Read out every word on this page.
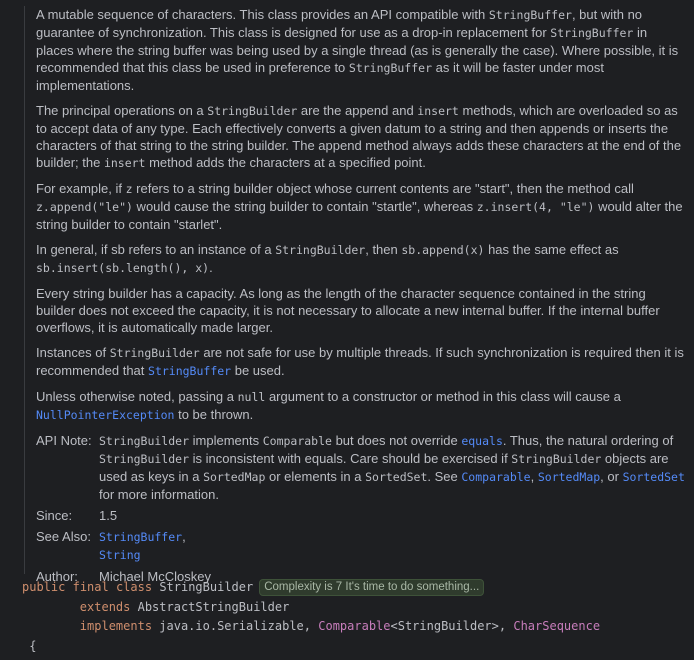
A mutable sequence of characters. This class provides an API compatible with StringBuffer, but with no guarantee of synchronization. This class is designed for use as a drop-in replacement for StringBuffer in places where the string buffer was being used by a single thread (as is generally the case). Where possible, it is recommended that this class be used in preference to StringBuffer as it will be faster under most implementations.

The principal operations on a StringBuilder are the append and insert methods, which are overloaded so as to accept data of any type. Each effectively converts a given datum to a string and then appends or inserts the characters of that string to the string builder. The append method always adds these characters at the end of the builder; the insert method adds the characters at a specified point.

For example, if z refers to a string builder object whose current contents are "start", then the method call z.append("le") would cause the string builder to contain "startle", whereas z.insert(4, "le") would alter the string builder to contain "starlet".

In general, if sb refers to an instance of a StringBuilder, then sb.append(x) has the same effect as sb.insert(sb.length(), x).

Every string builder has a capacity. As long as the length of the character sequence contained in the string builder does not exceed the capacity, it is not necessary to allocate a new internal buffer. If the internal buffer overflows, it is automatically made larger.

Instances of StringBuilder are not safe for use by multiple threads. If such synchronization is required then it is recommended that StringBuffer be used.

Unless otherwise noted, passing a null argument to a constructor or method in this class will cause a NullPointerException to be thrown.

API Note: StringBuilder implements Comparable but does not override equals. Thus, the natural ordering of StringBuilder is inconsistent with equals. Care should be exercised if StringBuilder objects are used as keys in a SortedMap or elements in a SortedSet. See Comparable, SortedMap, or SortedSet for more information.
Since:	1.5
See Also: StringBuffer,
String
Author:	Michael McCloskey
public final class StringBuilder Complexity is 7 It's time to do something...
extends AbstractStringBuilder
implements java.io.Serializable, Comparable<StringBuilder>, CharSequence
{
